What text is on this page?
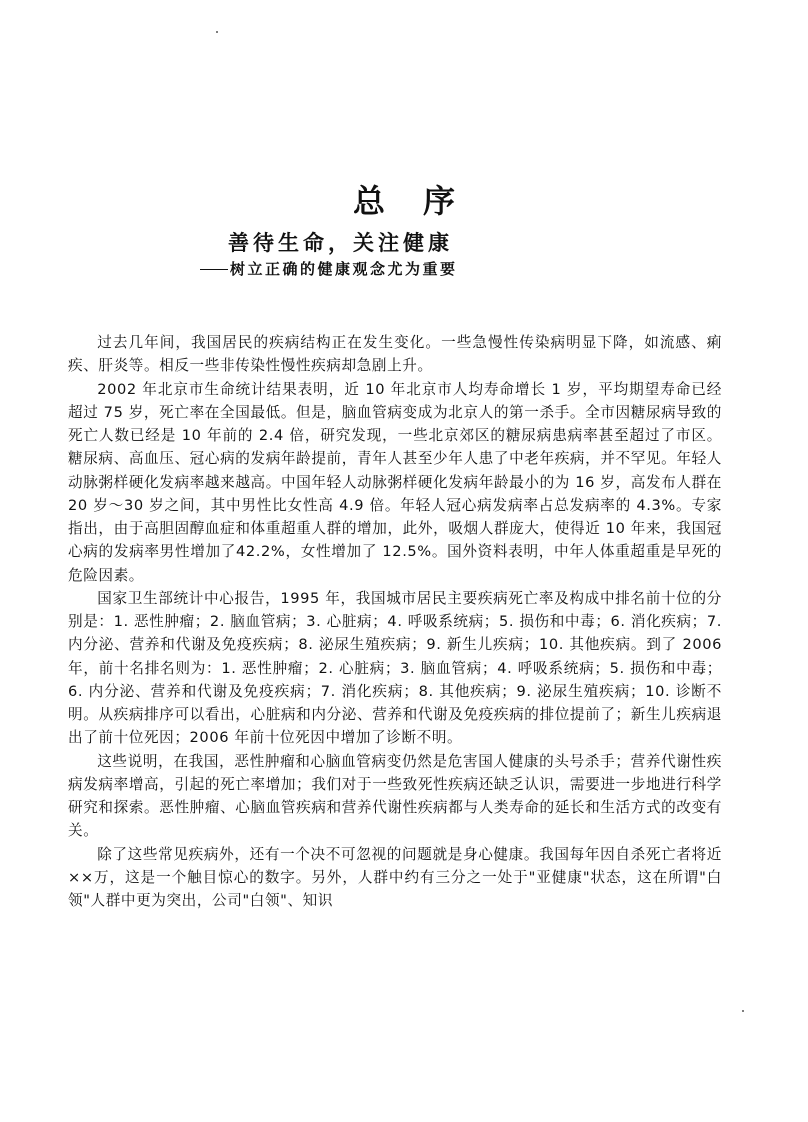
总 序
善待生命，关注健康
树立正确的健康观念尤为重要

过去几年间，我国居民的疾病结构正在发生变化。一些急慢性传染病明显下降，如流感、痢疾、肝炎等。相反一些非传染性慢性疾病却急剧上升。

2002 年北京市生命统计结果表明，近 10 年北京市人均寿命增长 1 岁，平均期望寿命已经超过 75 岁，死亡率在全国最低。但是，脑血管病变成为北京人的第一杀手。全市因糖尿病导致的死亡人数已经是 10 年前的 2.4 倍，研究发现，一些北京郊区的糖尿病患病率甚至超过了市区。糖尿病、高血压、冠心病的发病年龄提前，青年人甚至少年人患了中老年疾病，并不罕见。年轻人动脉粥样硬化发病率越来越高。中国年轻人动脉粥样硬化发病年龄最小的为 16 岁，高发布人群在 20 岁～30 岁之间，其中男性比女性高 4.9 倍。年轻人冠心病发病率占总发病率的 4.3%。专家指出，由于高胆固醇血症和体重超重人群的增加，此外，吸烟人群庞大，使得近 10 年来，我国冠心病的发病率男性增加了42.2%，女性增加了 12.5%。国外资料表明，中年人体重超重是早死的危险因素。

国家卫生部统计中心报告，1995 年，我国城市居民主要疾病死亡率及构成中排名前十位的分别是：1. 恶性肿瘤；2. 脑血管病；3. 心脏病；4. 呼吸系统病；5. 损伤和中毒；6. 消化疾病；7. 内分泌、营养和代谢及免疫疾病；8. 泌尿生殖疾病；9. 新生儿疾病；10. 其他疾病。到了 2006 年，前十名排名则为：1. 恶性肿瘤；2. 心脏病；3. 脑血管病；4. 呼吸系统病；5. 损伤和中毒；6. 内分泌、营养和代谢及免疫疾病；7. 消化疾病；8. 其他疾病；9. 泌尿生殖疾病；10. 诊断不明。从疾病排序可以看出，心脏病和内分泌、营养和代谢及免疫疾病的排位提前了；新生儿疾病退出了前十位死因；2006 年前十位死因中增加了诊断不明。

这些说明，在我国，恶性肿瘤和心脑血管病变仍然是危害国人健康的头号杀手；营养代谢性疾病发病率增高，引起的死亡率增加；我们对于一些致死性疾病还缺乏认识，需要进一步地进行科学研究和探索。恶性肿瘤、心脑血管疾病和营养代谢性疾病都与人类寿命的延长和生活方式的改变有关。

除了这些常见疾病外，还有一个决不可忽视的问题就是身心健康。我国每年因自杀死亡者将近××万，这是一个触目惊心的数字。另外，人群中约有三分之一处于"亚健康"状态，这在所谓"白领"人群中更为突出，公司"白领"、知识
